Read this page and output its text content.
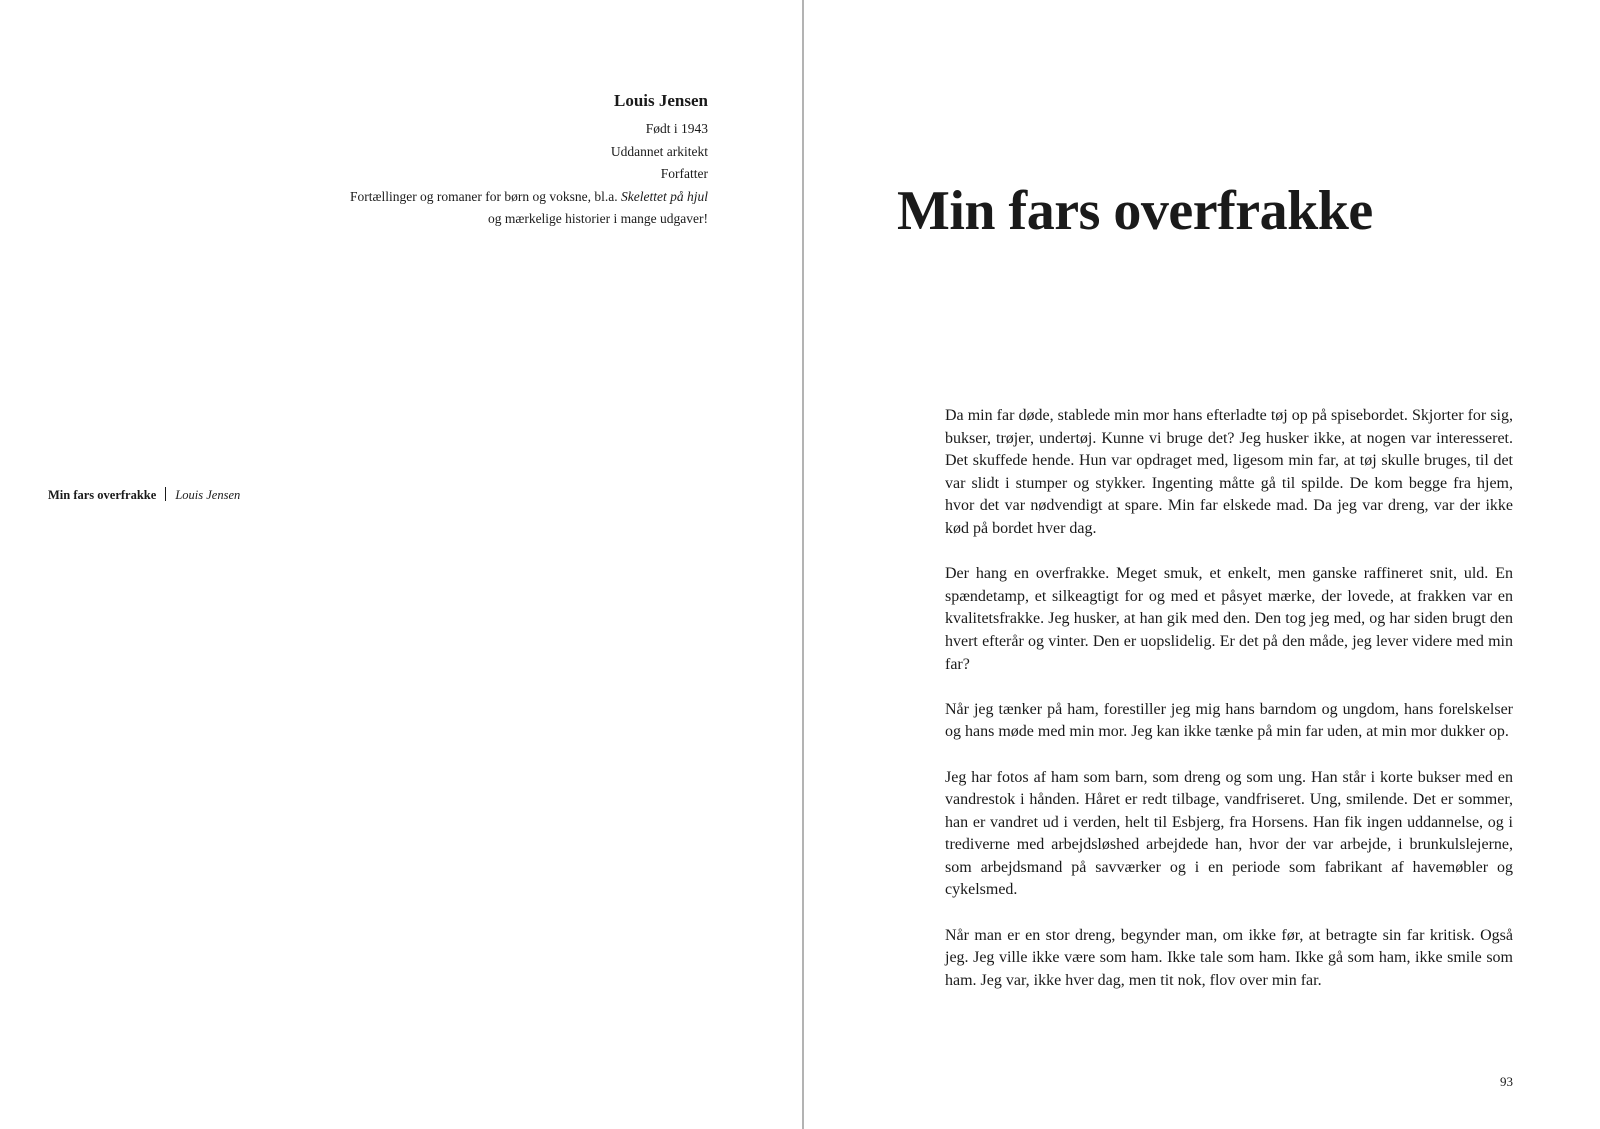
Louis Jensen
Født i 1943
Uddannet arkitekt
Forfatter
Fortællinger og romaner for børn og voksne, bl.a. Skelettet på hjul
og mærkelige historier i mange udgaver!
Min fars overfrakke Louis Jensen
Min fars overfrakke

Da min far døde, stablede min mor hans efterladte tøj op på spisebordet. Skjorter for sig, bukser, trøjer, undertøj. Kunne vi bruge det? Jeg husker ikke, at nogen var interesseret. Det skuffede hende. Hun var opdraget med, ligesom min far, at tøj skulle bruges, til det var slidt i stumper og stykker. Ingenting måtte gå til spilde. De kom begge fra hjem, hvor det var nødvendigt at spare. Min far elskede mad. Da jeg var dreng, var der ikke kød på bordet hver dag.

Der hang en overfrakke. Meget smuk, et enkelt, men ganske raffineret snit, uld. En spændetamp, et silkeagtigt for og med et påsyet mærke, der lovede, at frakken var en kvalitetsfrakke. Jeg husker, at han gik med den. Den tog jeg med, og har siden brugt den hvert efterår og vinter. Den er uopslidelig. Er det på den måde, jeg lever videre med min far?

Når jeg tænker på ham, forestiller jeg mig hans barndom og ungdom, hans forelskelser og hans møde med min mor. Jeg kan ikke tænke på min far uden, at min mor dukker op.

Jeg har fotos af ham som barn, som dreng og som ung. Han står i korte bukser med en vandrestok i hånden. Håret er redt tilbage, vandfriseret. Ung, smilende. Det er sommer, han er vandret ud i verden, helt til Esbjerg, fra Horsens. Han fik ingen uddannelse, og i trediverne med arbejdsløshed arbejdede han, hvor der var arbejde, i brunkulslejerne, som arbejdsmand på savværker og i en periode som fabrikant af havemøbler og cykelsmed.

Når man er en stor dreng, begynder man, om ikke før, at betragte sin far kritisk. Også jeg. Jeg ville ikke være som ham. Ikke tale som ham. Ikke gå som ham, ikke smile som ham. Jeg var, ikke hver dag, men tit nok, flov over min far.

93
